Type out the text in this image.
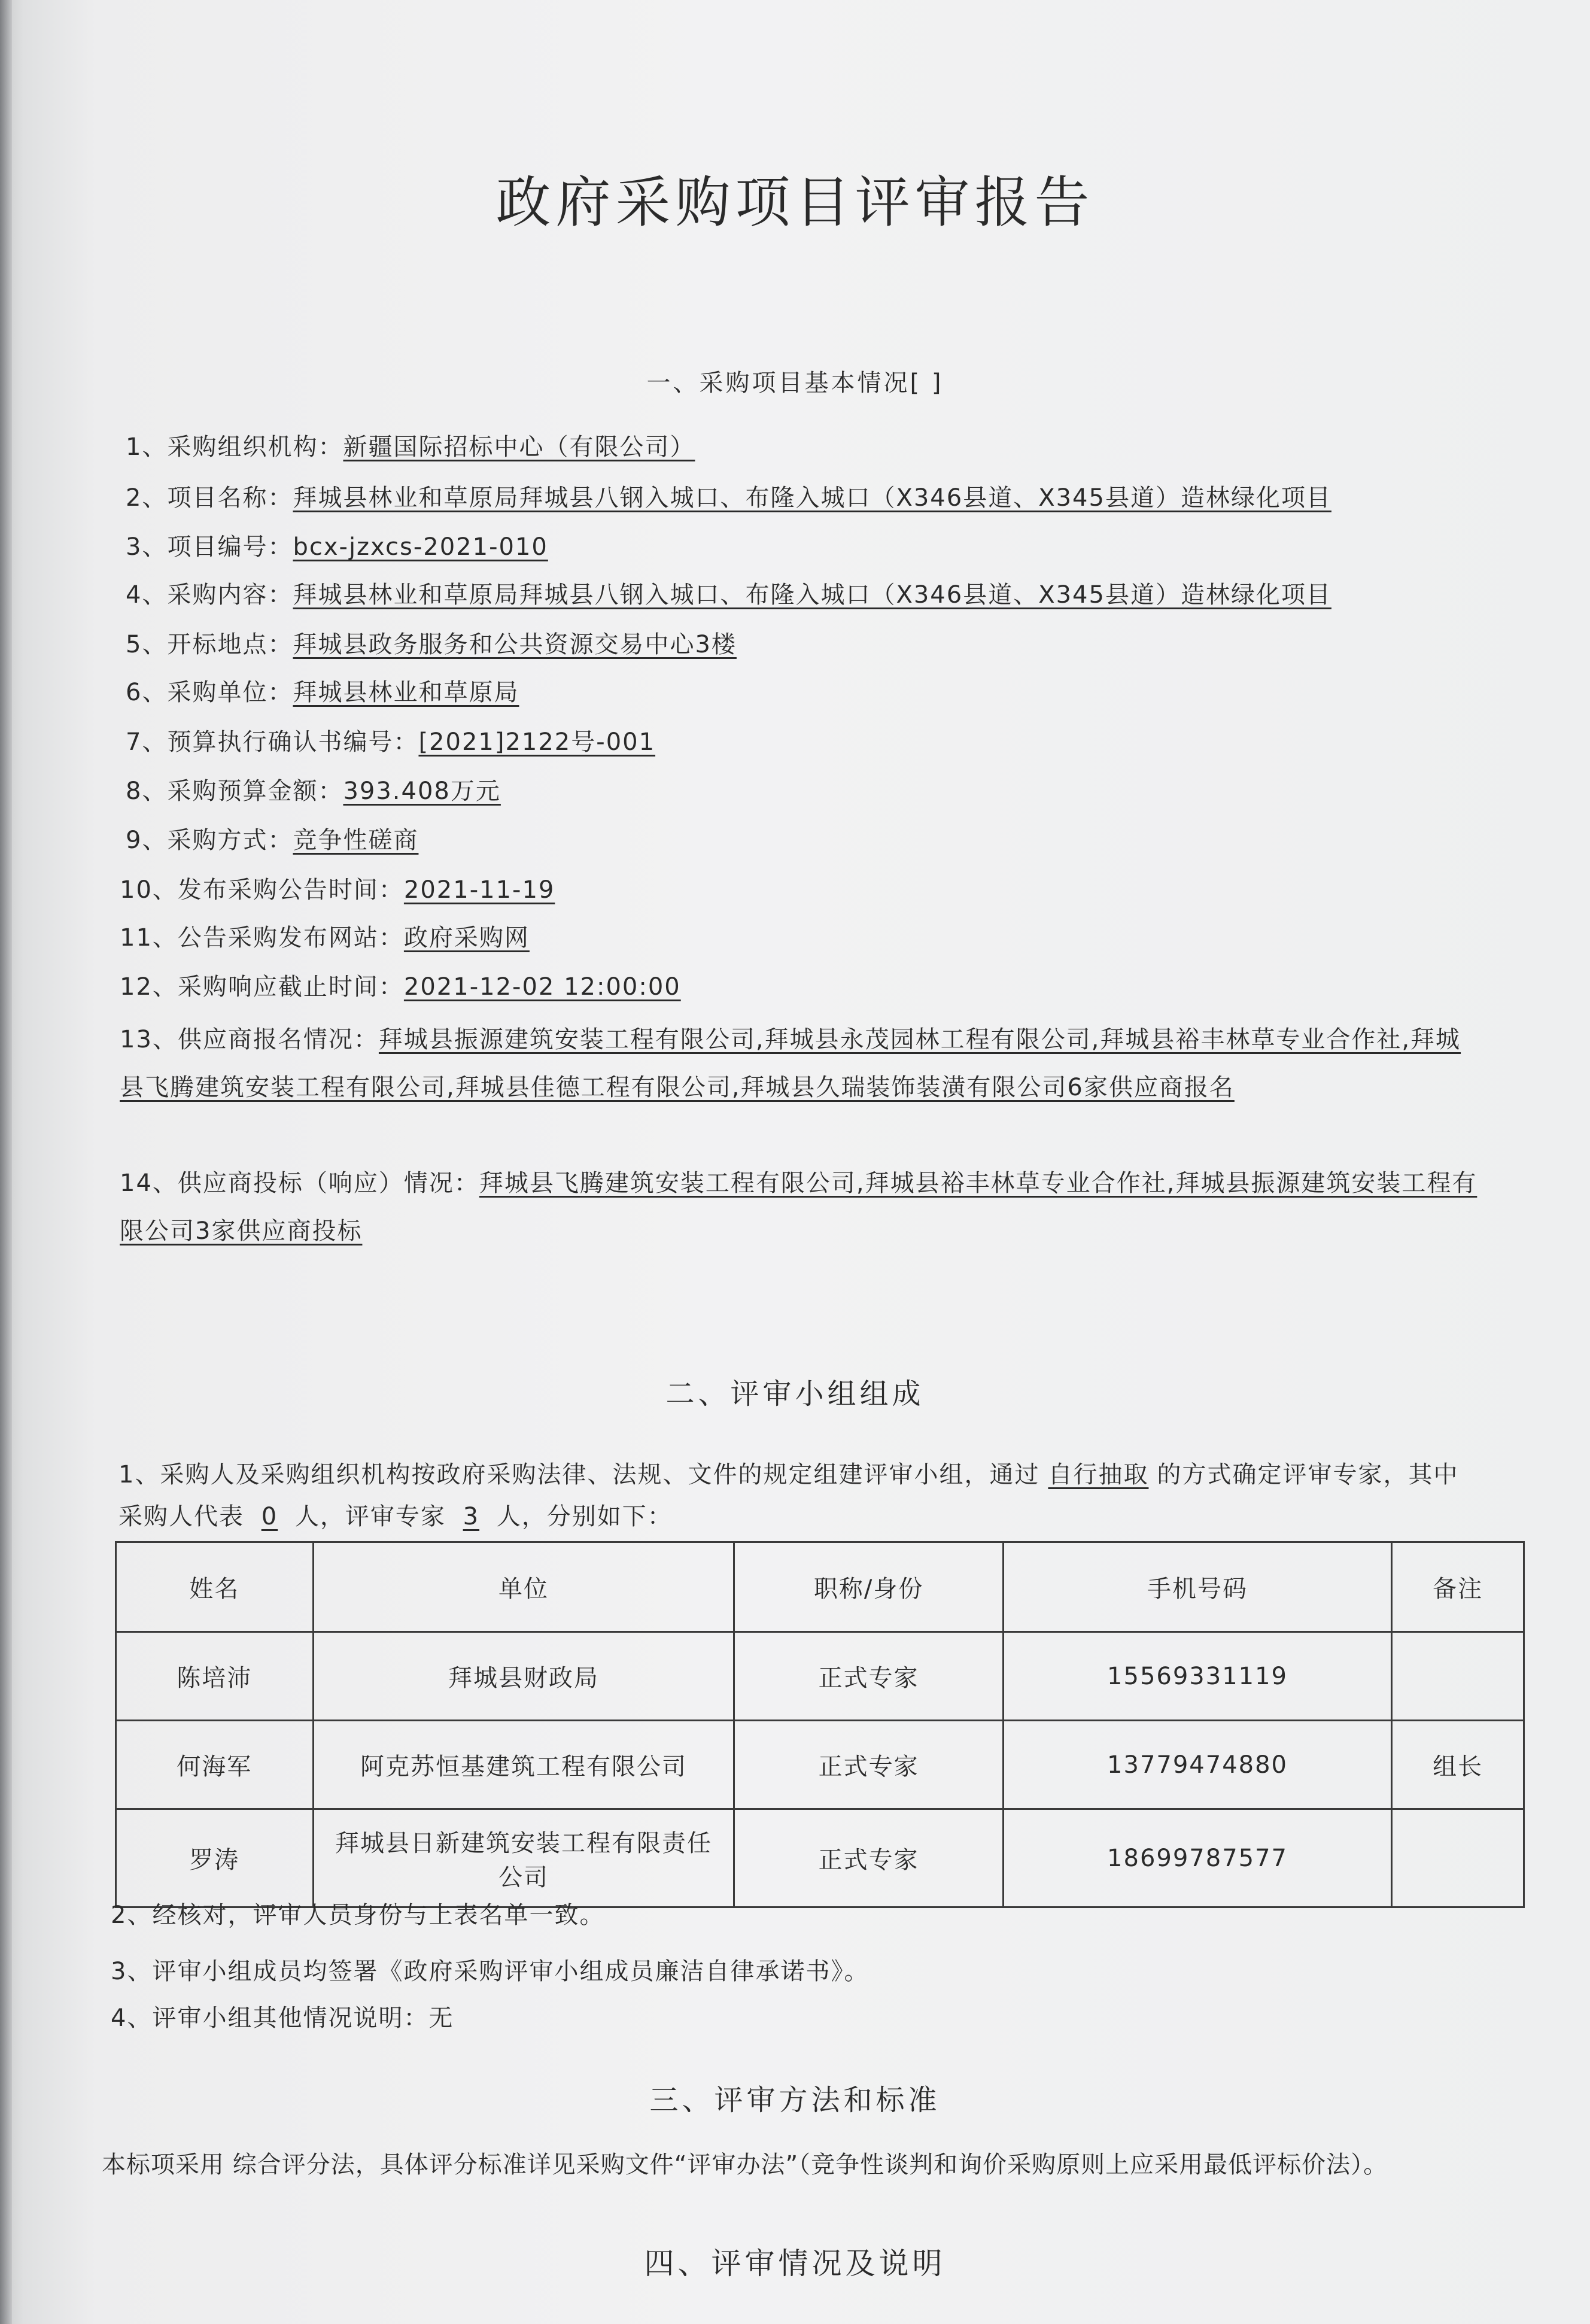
政府采购项目评审报告
一、采购项目基本情况[ ]
1、采购组织机构：新疆国际招标中心（有限公司）
2、项目名称：拜城县林业和草原局拜城县八钢入城口、布隆入城口（X346县道、X345县道）造林绿化项目
3、项目编号：bcx-jzxcs-2021-010
4、采购内容：拜城县林业和草原局拜城县八钢入城口、布隆入城口（X346县道、X345县道）造林绿化项目
5、开标地点：拜城县政务服务和公共资源交易中心3楼
6、采购单位：拜城县林业和草原局
7、预算执行确认书编号：[2021]2122号-001
8、采购预算金额：393.408万元
9、采购方式：竞争性磋商
10、发布采购公告时间：2021-11-19
11、公告采购发布网站：政府采购网
12、采购响应截止时间：2021-12-02 12:00:00
13、供应商报名情况：拜城县振源建筑安装工程有限公司,拜城县永茂园林工程有限公司,拜城县裕丰林草专业合作社,拜城
县飞腾建筑安装工程有限公司,拜城县佳德工程有限公司,拜城县久瑞装饰装潢有限公司6家供应商报名
14、供应商投标（响应）情况：拜城县飞腾建筑安装工程有限公司,拜城县裕丰林草专业合作社,拜城县振源建筑安装工程有
限公司3家供应商投标
二、评审小组组成
1、采购人及采购组织机构按政府采购法律、法规、文件的规定组建评审小组，通过 自行抽取 的方式确定评审专家，其中
采购人代表 0 人，评审专家 3 人，分别如下：
姓名	单位	职称/身份	手机号码	备注
陈培沛	拜城县财政局	正式专家	15569331119	
何海军	阿克苏恒基建筑工程有限公司	正式专家	13779474880	组长
罗涛	拜城县日新建筑安装工程有限责任
公司	正式专家	18699787577	
2、经核对，评审人员身份与上表名单一致。
3、评审小组成员均签署《政府采购评审小组成员廉洁自律承诺书》。
4、评审小组其他情况说明：无
三、评审方法和标准
本标项采用 综合评分法，具体评分标准详见采购文件“评审办法”（竞争性谈判和询价采购原则上应采用最低评标价法）。
四、评审情况及说明
